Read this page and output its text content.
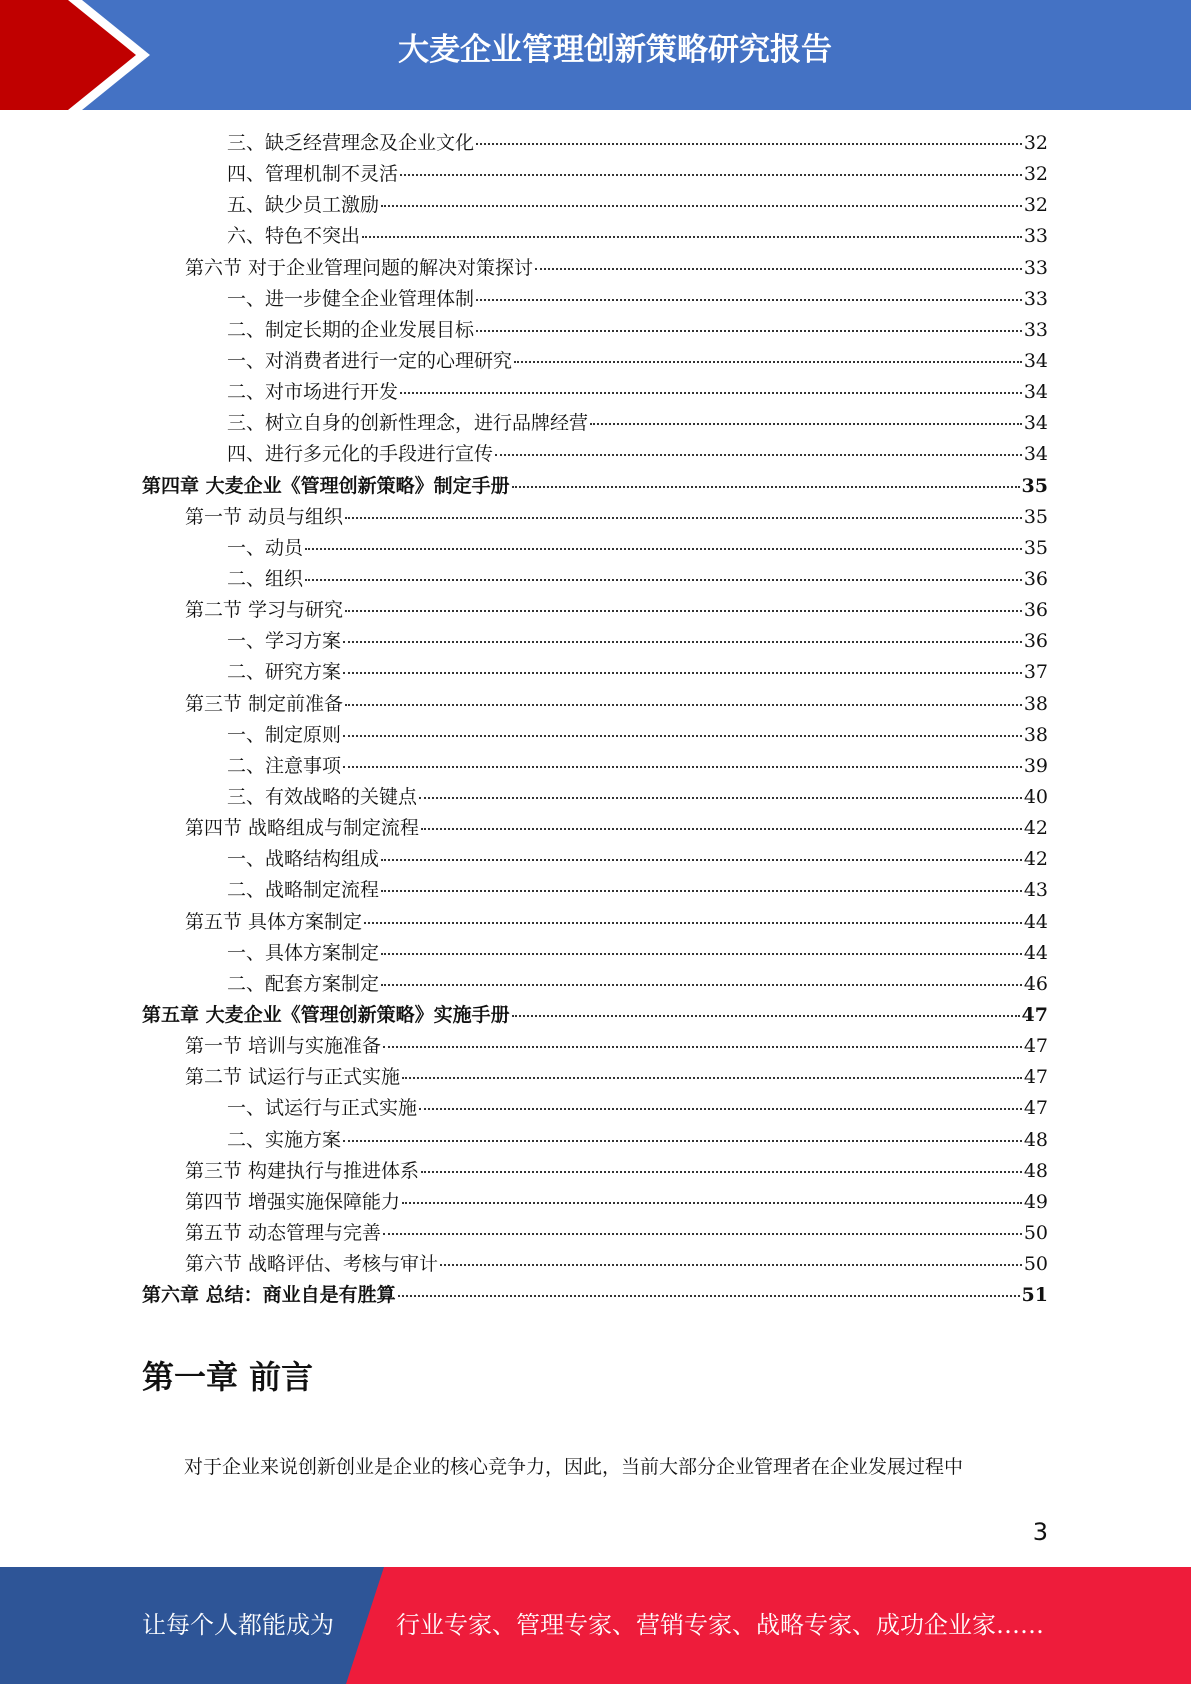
大麦企业管理创新策略研究报告
三、缺乏经营理念及企业文化	32
四、管理机制不灵活	32
五、缺少员工激励	32
六、特色不突出	33
第六节 对于企业管理问题的解决对策探讨	33
一、进一步健全企业管理体制	33
二、制定长期的企业发展目标	33
一、对消费者进行一定的心理研究	34
二、对市场进行开发	34
三、树立自身的创新性理念，进行品牌经营	34
四、进行多元化的手段进行宣传	34
第四章 大麦企业《管理创新策略》制定手册	35
第一节 动员与组织	35
一、动员	35
二、组织	36
第二节 学习与研究	36
一、学习方案	36
二、研究方案	37
第三节 制定前准备	38
一、制定原则	38
二、注意事项	39
三、有效战略的关键点	40
第四节 战略组成与制定流程	42
一、战略结构组成	42
二、战略制定流程	43
第五节 具体方案制定	44
一、具体方案制定	44
二、配套方案制定	46
第五章 大麦企业《管理创新策略》实施手册	47
第一节 培训与实施准备	47
第二节 试运行与正式实施	47
一、试运行与正式实施	47
二、实施方案	48
第三节 构建执行与推进体系	48
第四节 增强实施保障能力	49
第五节 动态管理与完善	50
第六节 战略评估、考核与审计	50
第六章 总结：商业自是有胜算	51
第一章 前言
对于企业来说创新创业是企业的核心竞争力，因此，当前大部分企业管理者在企业发展过程中
3
让每个人都能成为	行业专家、管理专家、营销专家、战略专家、成功企业家……
